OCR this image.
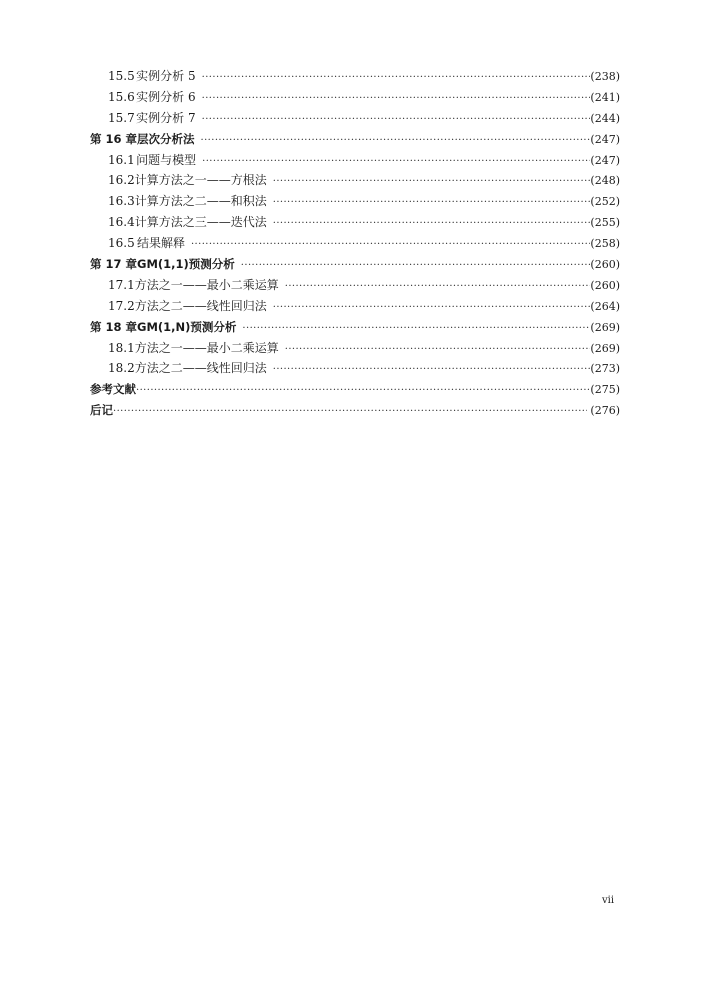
15.5 实例分析 5 ·····	(238)
15.6 实例分析 6 ·····	(241)
15.7 实例分析 7 ·····	(244)
第 16 章 层次分析法 ·····	(247)
16.1 问题与模型 ·····	(247)
16.2 计算方法之一——方根法 ·····	(248)
16.3 计算方法之二——和积法 ·····	(252)
16.4 计算方法之三——迭代法 ·····	(255)
16.5 结果解释 ·····	(258)
第 17 章 GM(1,1)预测分析 ·····	(260)
17.1 方法之一——最小二乘运算 ·····	(260)
17.2 方法之二——线性回归法 ·····	(264)
第 18 章 GM(1,N)预测分析 ·····	(269)
18.1 方法之一——最小二乘运算 ·····	(269)
18.2 方法之二——线性回归法 ·····	(273)
参考文献 ·····	(275)
后记 ·····	(276)
vii
